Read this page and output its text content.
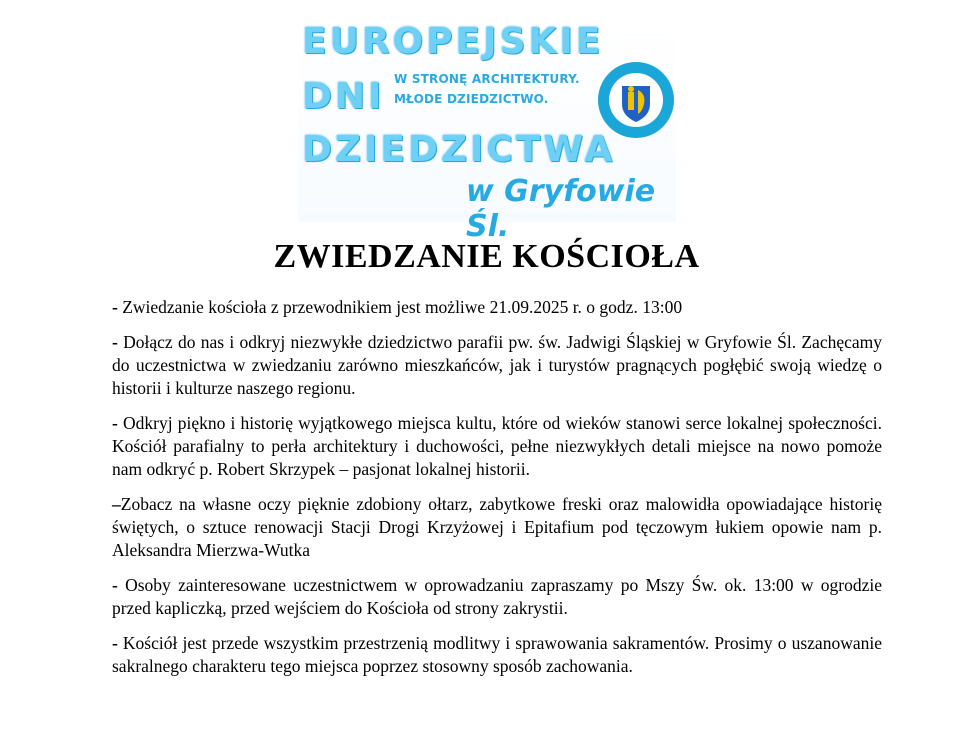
EUROPEJSKIE
DNI
DZIEDZICTWA
W STRONĘ ARCHITEKTURY.
MŁODE DZIEDZICTWO.
w Gryfowie Śl.
ZWIEDZANIE KOŚCIOŁA

- Zwiedzanie kościoła z przewodnikiem jest możliwe 21.09.2025 r. o godz. 13:00

- Dołącz do nas i odkryj niezwykłe dziedzictwo parafii pw. św. Jadwigi Śląskiej w Gryfowie Śl. Zachęcamy do uczestnictwa w zwiedzaniu zarówno mieszkańców, jak i turystów pragnących pogłębić swoją wiedzę o historii i kulturze naszego regionu.

- Odkryj piękno i historię wyjątkowego miejsca kultu, które od wieków stanowi serce lokalnej społeczności. Kościół parafialny to perła architektury i duchowości, pełne niezwykłych detali miejsce na nowo pomoże nam odkryć p. Robert Skrzypek – pasjonat lokalnej historii.

–Zobacz na własne oczy pięknie zdobiony ołtarz, zabytkowe freski oraz malowidła opowiadające historię świętych, o sztuce renowacji Stacji Drogi Krzyżowej i Epitafium pod tęczowym łukiem opowie nam p. Aleksandra Mierzwa-Wutka

- Osoby zainteresowane uczestnictwem w oprowadzaniu zapraszamy po Mszy Św. ok. 13:00 w ogrodzie przed kapliczką, przed wejściem do Kościoła od strony zakrystii.

- Kościół jest przede wszystkim przestrzenią modlitwy i sprawowania sakramentów. Prosimy o uszanowanie sakralnego charakteru tego miejsca poprzez stosowny sposób zachowania.
